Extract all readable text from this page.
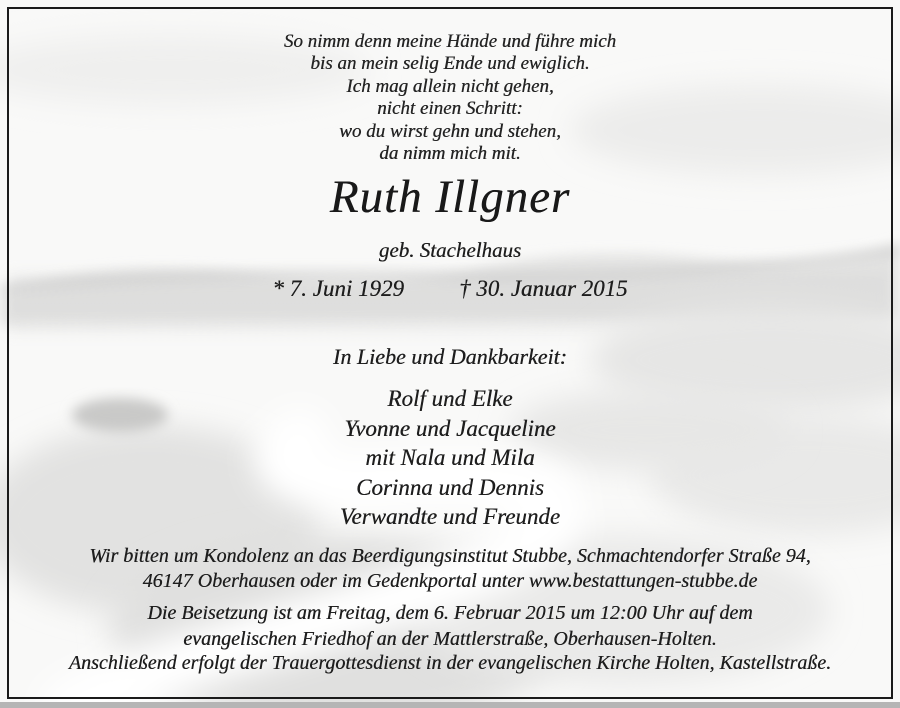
So nimm denn meine Hände und führe mich
bis an mein selig Ende und ewiglich.
Ich mag allein nicht gehen,
nicht einen Schritt:
wo du wirst gehn und stehen,
da nimm mich mit.
Ruth Illgner
geb. Stachelhaus
* 7. Juni 1929 † 30. Januar 2015
In Liebe und Dankbarkeit:
Rolf und Elke
Yvonne und Jacqueline
mit Nala und Mila
Corinna und Dennis
Verwandte und Freunde
Wir bitten um Kondolenz an das Beerdigungsinstitut Stubbe, Schmachtendorfer Straße 94,
46147 Oberhausen oder im Gedenkportal unter www.bestattungen-stubbe.de
Die Beisetzung ist am Freitag, dem 6. Februar 2015 um 12:00 Uhr auf dem
evangelischen Friedhof an der Mattlerstraße, Oberhausen-Holten.
Anschließend erfolgt der Trauergottesdienst in der evangelischen Kirche Holten, Kastellstraße.
